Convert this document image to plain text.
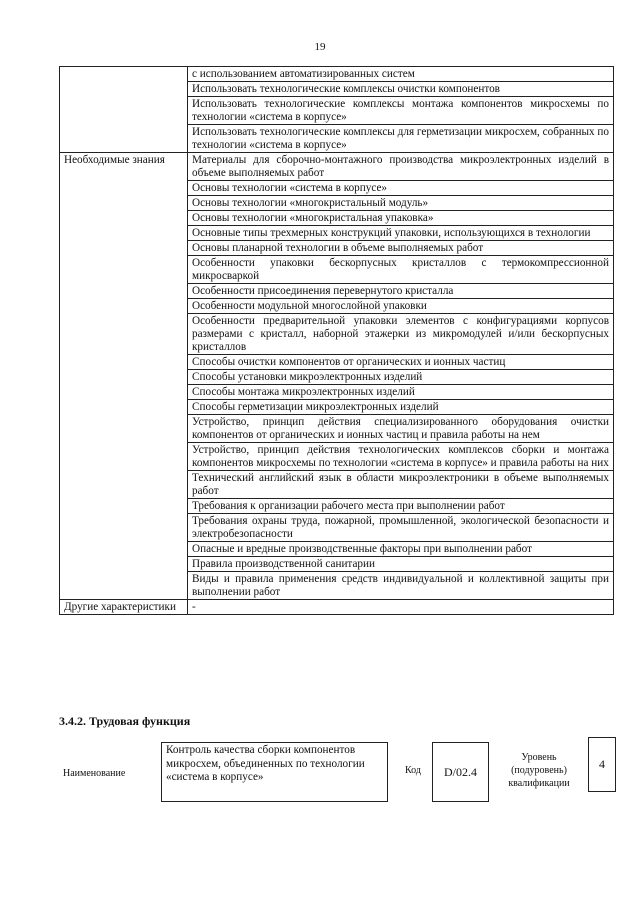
19
	с использованием автоматизированных систем
	Использовать технологические комплексы очистки компонентов
	Использовать технологические комплексы монтажа компонентов микросхемы по технологии «система в корпусе»
	Использовать технологические комплексы для герметизации микросхем, собранных по технологии «система в корпусе»
Необходимые знания	Материалы для сборочно-монтажного производства микроэлектронных изделий в объеме выполняемых работ
	Основы технологии «система в корпусе»
	Основы технологии «многокристальный модуль»
	Основы технологии «многокристальная упаковка»
	Основные типы трехмерных конструкций упаковки, использующихся в технологии
	Основы планарной технологии в объеме выполняемых работ
	Особенности упаковки бескорпусных кристаллов с термокомпрессионной микросваркой
	Особенности присоединения перевернутого кристалла
	Особенности модульной многослойной упаковки
	Особенности предварительной упаковки элементов с конфигурациями корпусов размерами с кристалл, наборной этажерки из микромодулей и/или бескорпусных кристаллов
	Способы очистки компонентов от органических и ионных частиц
	Способы установки микроэлектронных изделий
	Способы монтажа микроэлектронных изделий
	Способы герметизации микроэлектронных изделий
	Устройство, принцип действия специализированного оборудования очистки компонентов от органических и ионных частиц и правила работы на нем
	Устройство, принцип действия технологических комплексов сборки и монтажа компонентов микросхемы по технологии «система в корпусе» и правила работы на них
	Технический английский язык в области микроэлектроники в объеме выполняемых работ
	Требования к организации рабочего места при выполнении работ
	Требования охраны труда, пожарной, промышленной, экологической безопасности и электробезопасности
	Опасные и вредные производственные факторы при выполнении работ
	Правила производственной санитарии
	Виды и правила применения средств индивидуальной и коллективной защиты при выполнении работ
Другие характеристики	-
3.4.2. Трудовая функция
Наименование
Контроль качества сборки компонентов микросхем, объединенных по технологии «система в корпусе»
Код	D/02.4
Уровень (подуровень) квалификации
4
